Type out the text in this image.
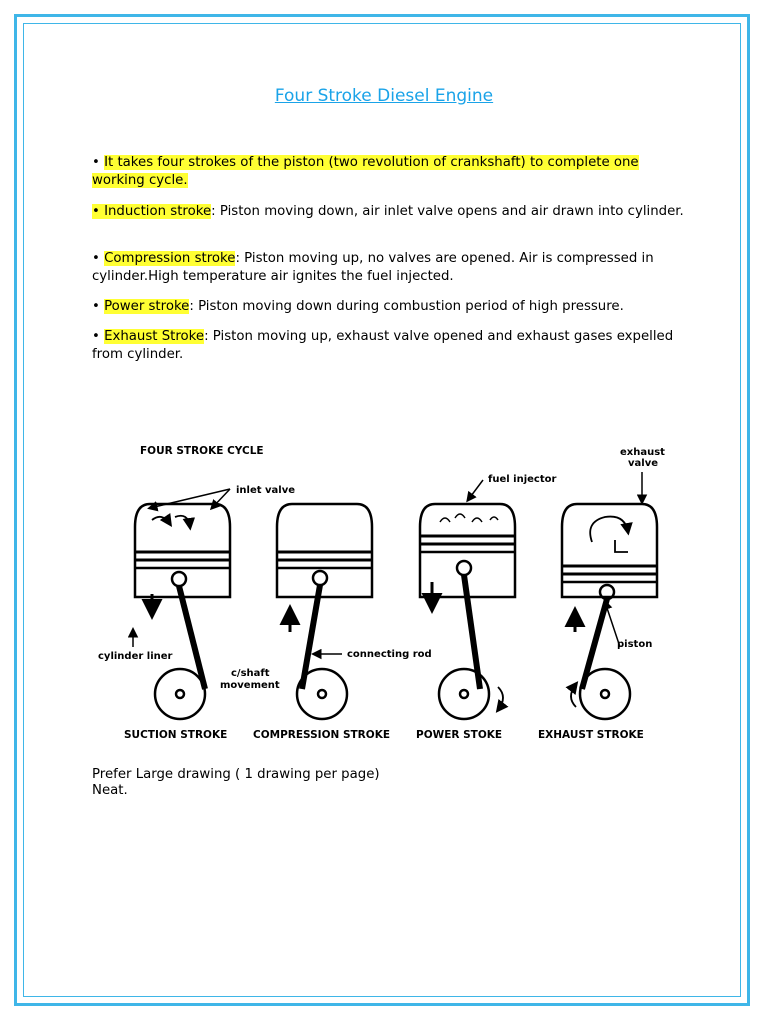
Four Stroke Diesel Engine
• It takes four strokes of the piston (two revolution of crankshaft) to complete one working cycle.
• Induction stroke: Piston moving down, air inlet valve opens and air drawn into cylinder.
• Compression stroke: Piston moving up, no valves are opened. Air is compressed in cylinder.High temperature air ignites the fuel injected.
• Power stroke: Piston moving down during combustion period of high pressure.
• Exhaust Stroke: Piston moving up, exhaust valve opened and exhaust gases expelled from cylinder.
FOUR STROKE CYCLE
inlet valve
fuel injector
exhaust
valve
cylinder liner	connecting rod
piston
c/shaft
movement
SUCTION STROKE COMPRESSION STROKE POWER STOKE	EXHAUST STROKE
Prefer Large drawing ( 1 drawing per page)
Neat.
